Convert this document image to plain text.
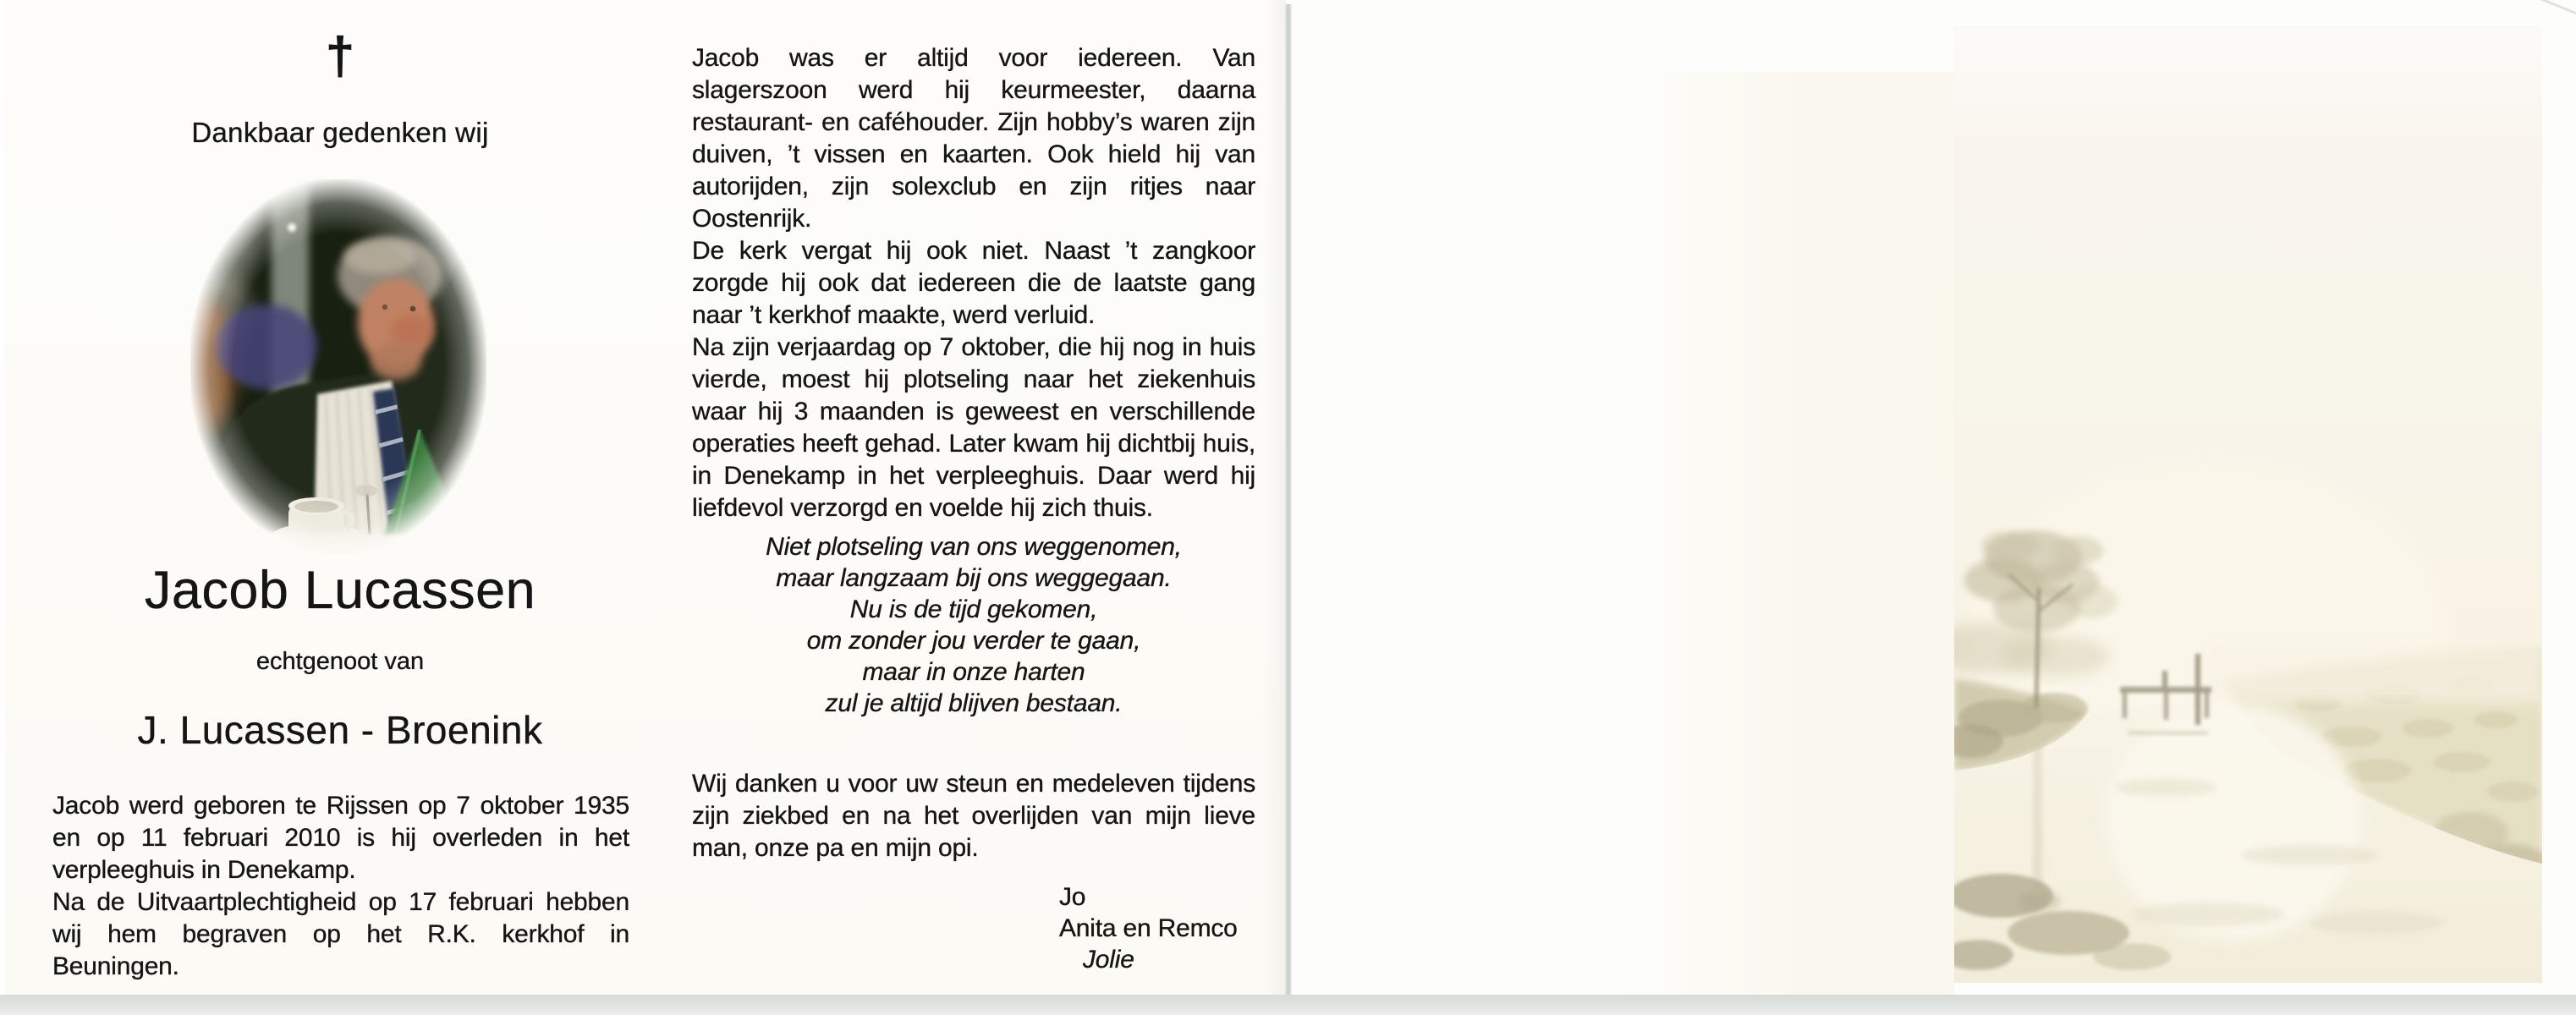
†
Dankbaar gedenken wij
Jacob Lucassen
echtgenoot van
J. Lucassen - Broenink

Jacob werd geboren te Rijssen op 7 oktober 1935 en op 11 februari 2010 is hij overleden in het verpleeghuis in Denekamp.

Na de Uitvaartplechtigheid op 17 februari hebben wij hem begraven op het R.K. kerkhof in Beuningen.

Jacob was er altijd voor iedereen. Van slagerszoon werd hij keurmeester, daarna restaurant- en caféhouder. Zijn hobby’s waren zijn duiven, ’t vissen en kaarten. Ook hield hij van autorijden, zijn solexclub en zijn ritjes naar Oostenrijk.

De kerk vergat hij ook niet. Naast ’t zangkoor zorgde hij ook dat iedereen die de laatste gang naar ’t kerkhof maakte, werd verluid.

Na zijn verjaardag op 7 oktober, die hij nog in huis vierde, moest hij plotseling naar het ziekenhuis waar hij 3 maanden is geweest en verschillende operaties heeft gehad. Later kwam hij dichtbij huis, in Denekamp in het verpleeghuis. Daar werd hij liefdevol verzorgd en voelde hij zich thuis.

Niet plotseling van ons weggenomen,
maar langzaam bij ons weggegaan.
Nu is de tijd gekomen,
om zonder jou verder te gaan,
maar in onze harten
zul je altijd blijven bestaan.
Wij danken u voor uw steun en medeleven tijdens zijn ziekbed en na het overlijden van mijn lieve man, onze pa en mijn opi.
Jo
Anita en Remco
Jolie
